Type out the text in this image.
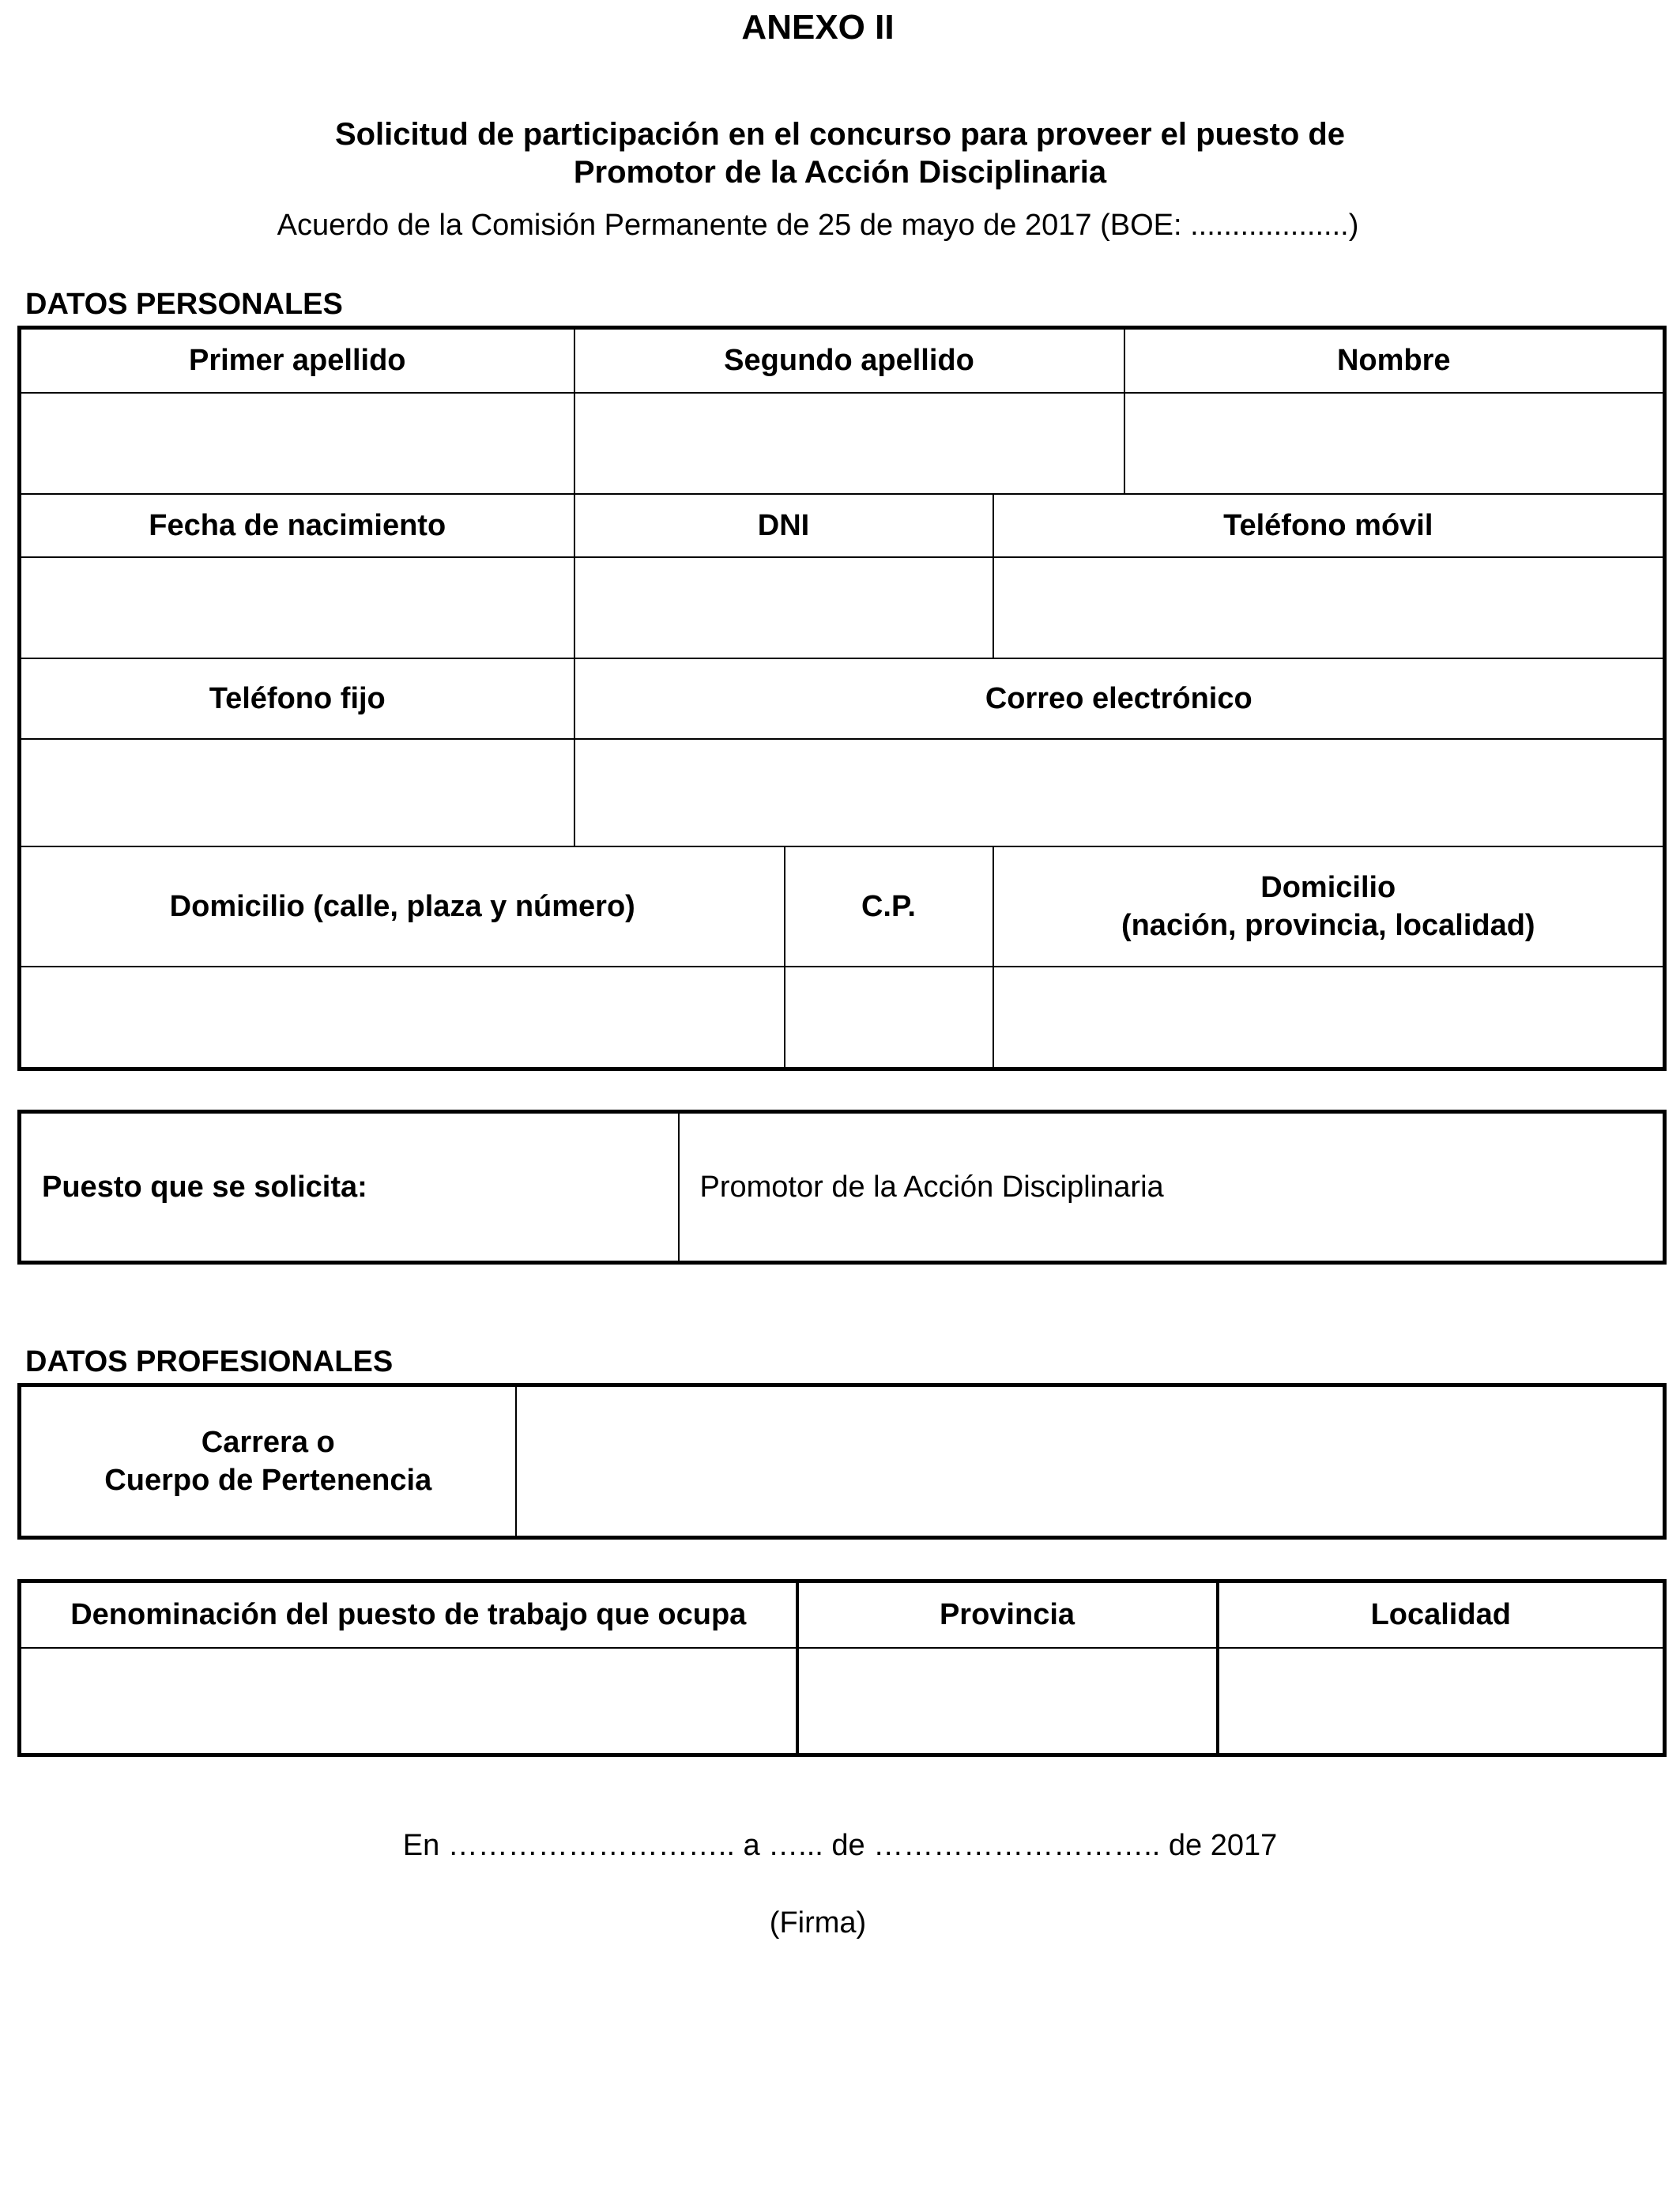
ANEXO II
Solicitud de participación en el concurso para proveer el puesto de
Promotor de la Acción Disciplinaria
Acuerdo de la Comisión Permanente de 25 de mayo de 2017 (BOE: ...................)
DATOS PERSONALES
Primer apellido	Segundo apellido			Nombre

Fecha de nacimiento	DNI		Teléfono móvil	

Teléfono fijo	Correo electrónico			

Domicilio (calle, plaza y número)		C.P.	Domicilio
(nación, provincia, localidad)	

Puesto que se solicita:	Promotor de la Acción Disciplinaria
DATOS PROFESIONALES
Carrera o
Cuerpo de Pertenencia

Denominación del puesto de trabajo que ocupa	Provincia	Localidad

En ……………………….. a …... de ……………………….. de 2017
(Firma)
